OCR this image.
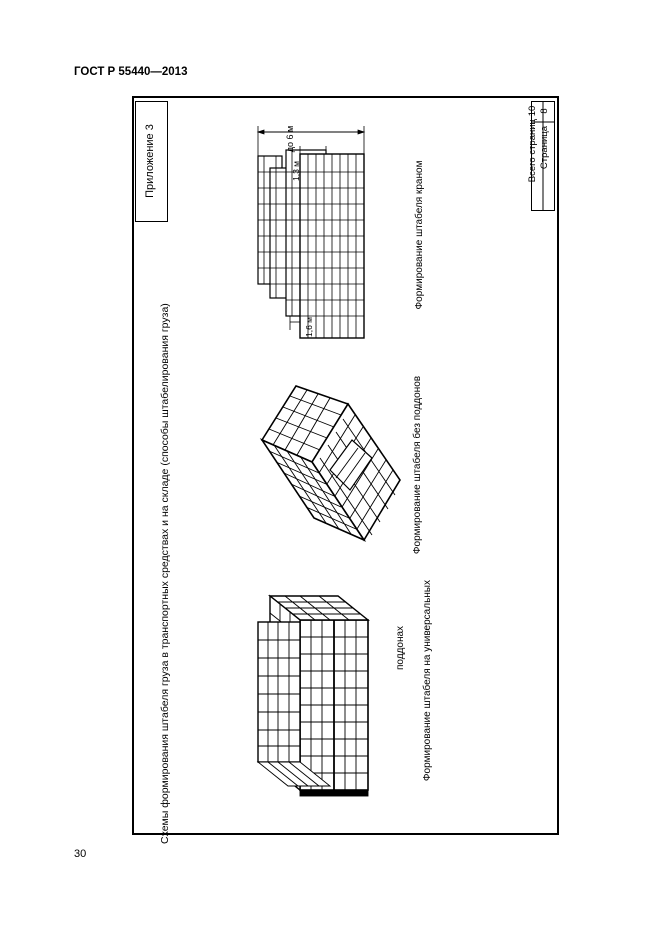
ГОСТ Р 55440—2013
Приложение 3
Схемы формирования штабеля груза в транспортных средствах и на складе (способы штабелирования груза)	Формирование штабеля на универсальных
поддонах
Формирование штабеля без поддонов
Формирование штабеля краном
до 6 м
1,3 м
1,6 м
Всего страниц
10
Страница
8
30
